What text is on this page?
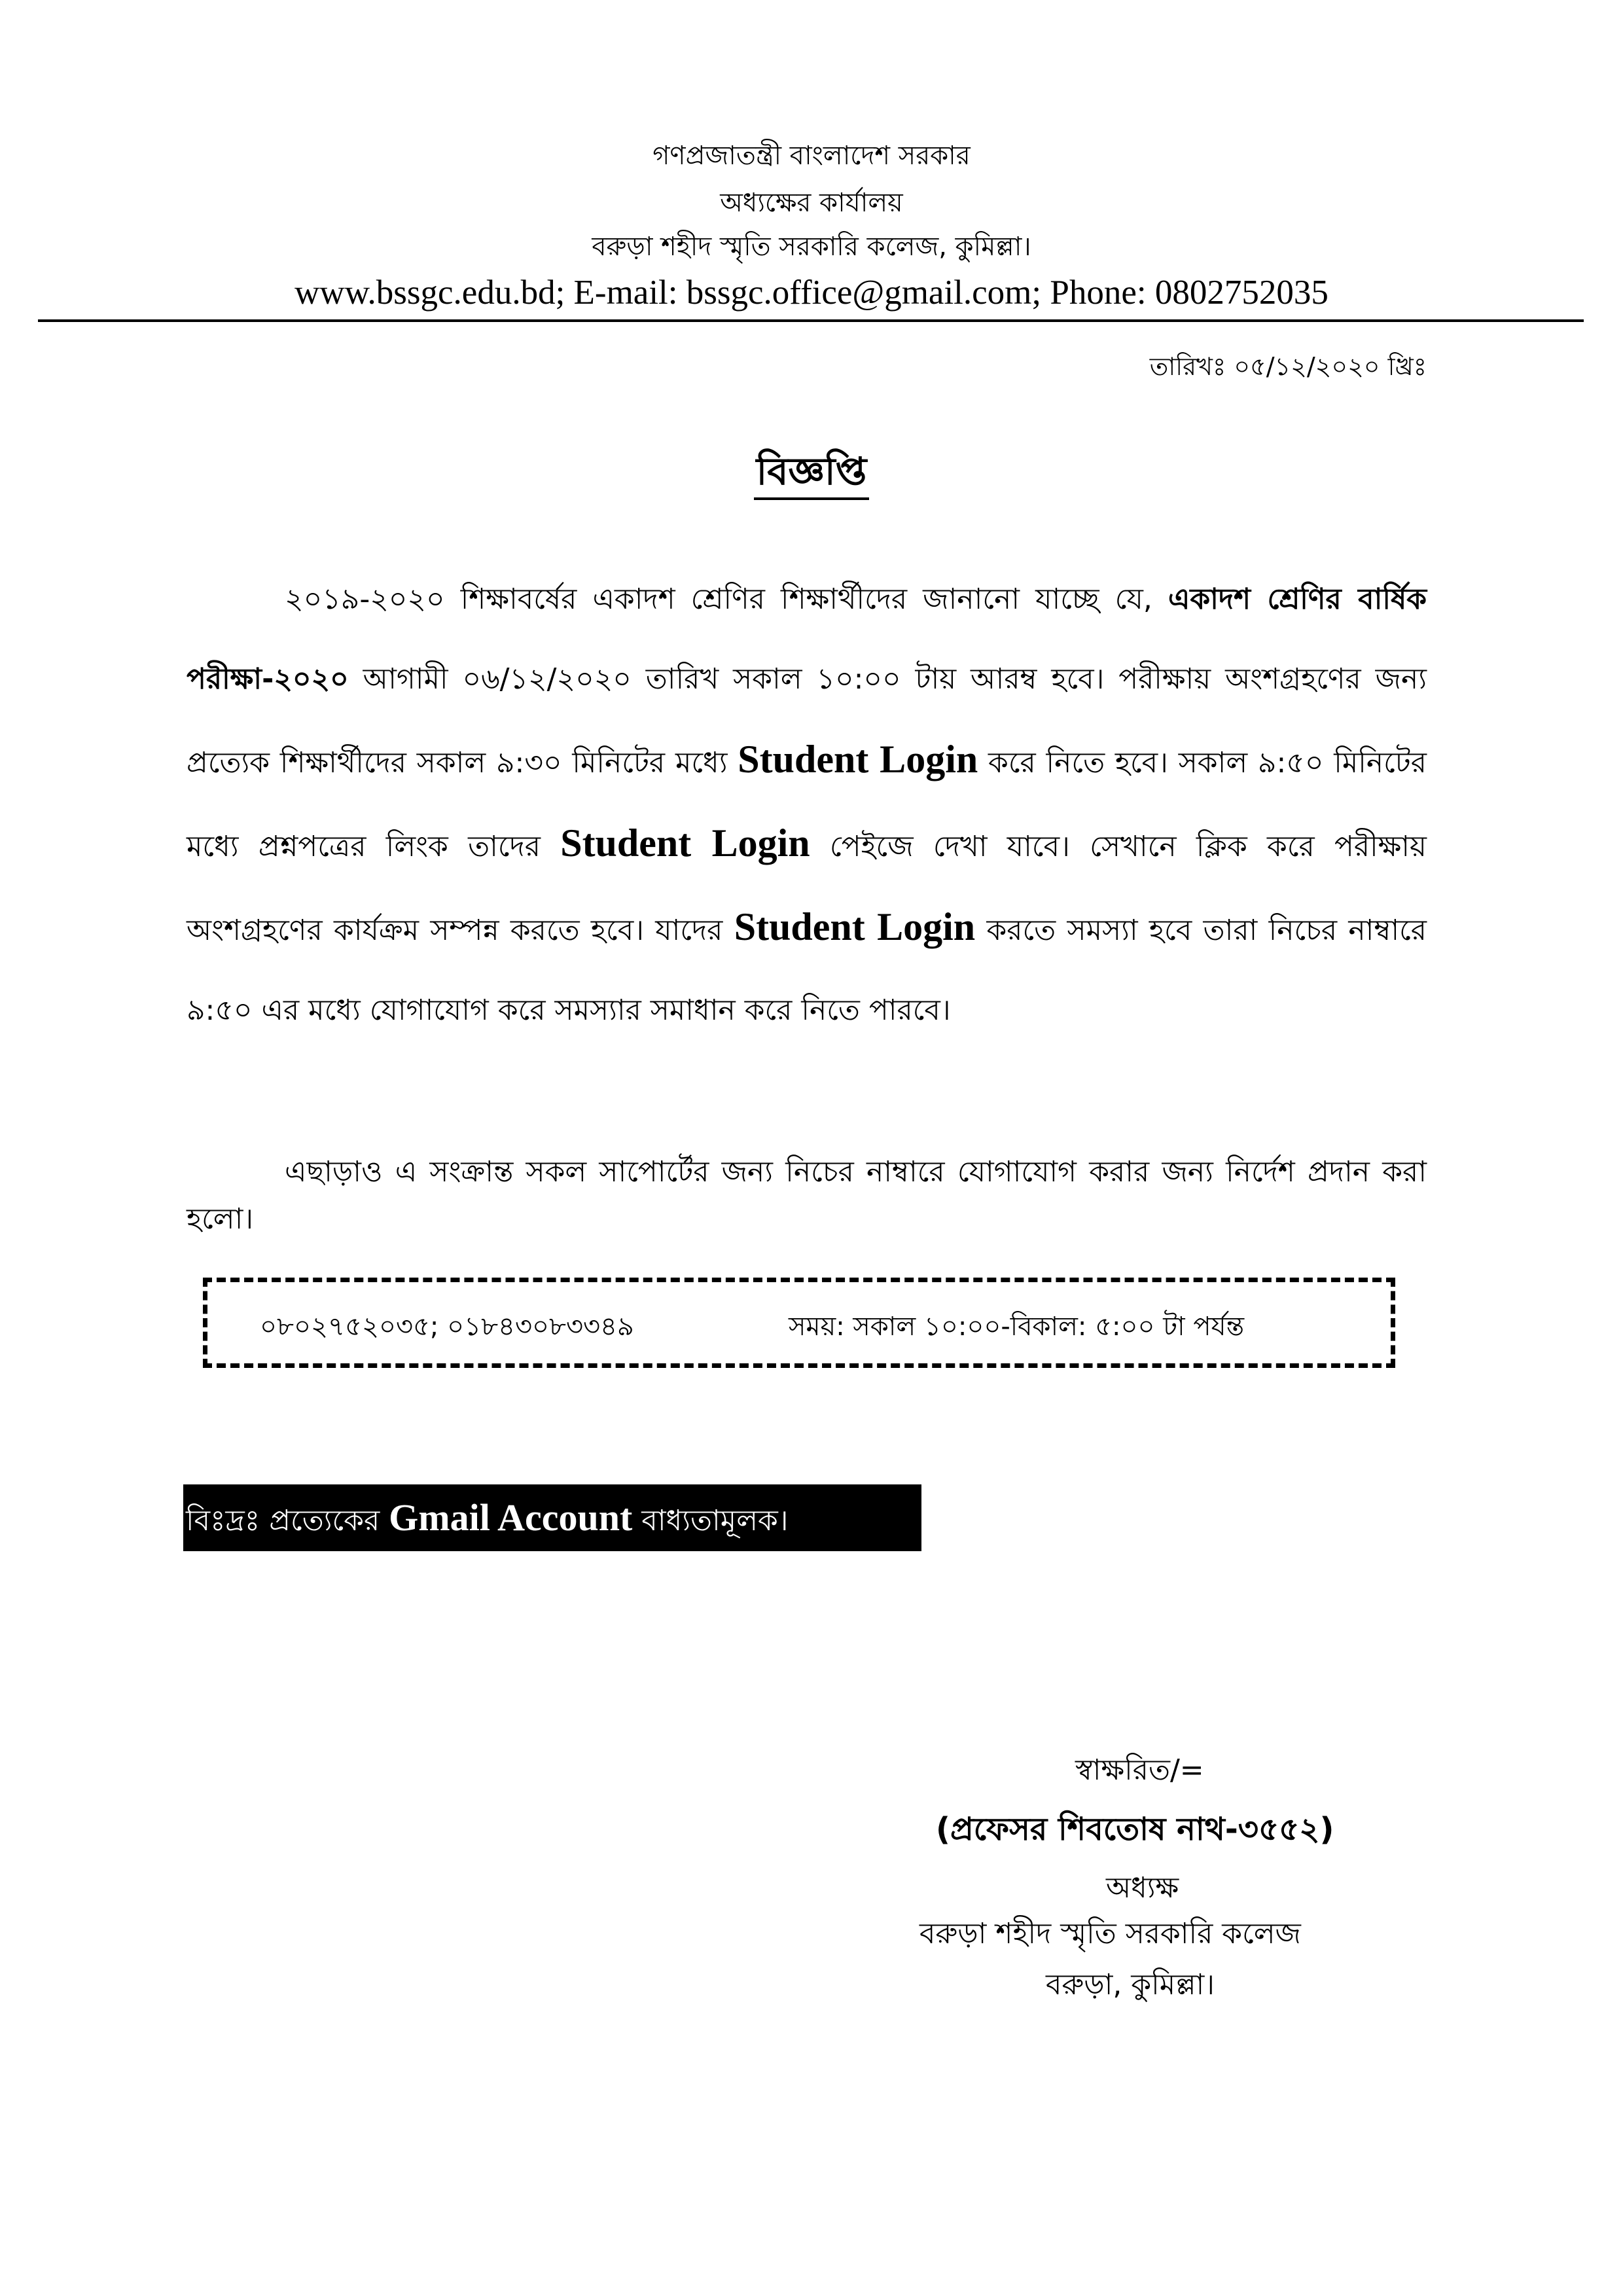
গণপ্রজাতন্ত্রী বাংলাদেশ সরকার
অধ্যক্ষের কার্যালয়
বরুড়া শহীদ স্মৃতি সরকারি কলেজ, কুমিল্লা।
www.bssgc.edu.bd; E-mail: bssgc.office@gmail.com; Phone: 0802752035
তারিখঃ ০৫/১২/২০২০ খ্রিঃ
বিজ্ঞপ্তি
২০১৯-২০২০ শিক্ষাবর্ষের একাদশ শ্রেণির শিক্ষার্থীদের জানানো যাচ্ছে যে, একাদশ শ্রেণির বার্ষিক পরীক্ষা-২০২০ আগামী ০৬/১২/২০২০ তারিখ সকাল ১০:০০ টায় আরম্ব হবে। পরীক্ষায় অংশগ্রহণের জন্য প্রত্যেক শিক্ষার্থীদের সকাল ৯:৩০ মিনিটের মধ্যে Student Login করে নিতে হবে। সকাল ৯:৫০ মিনিটের মধ্যে প্রশ্নপত্রের লিংক তাদের Student Login পেইজে দেখা যাবে। সেখানে ক্লিক করে পরীক্ষায় অংশগ্রহণের কার্যক্রম সম্পন্ন করতে হবে। যাদের Student Login করতে সমস্যা হবে তারা নিচের নাম্বারে ৯:৫০ এর মধ্যে যোগাযোগ করে সমস্যার সমাধান করে নিতে পারবে।
এছাড়াও এ সংক্রান্ত সকল সাপোর্টের জন্য নিচের নাম্বারে যোগাযোগ করার জন্য নির্দেশ প্রদান করা হলো।
০৮০২৭৫২০৩৫; ০১৮৪৩০৮৩৩৪৯	সময়: সকাল ১০:০০-বিকাল: ৫:০০ টা পর্যন্ত
বিঃদ্রঃ প্রত্যেকের Gmail Account বাধ্যতামূলক।
স্বাক্ষরিত/=
(প্রফেসর শিবতোষ নাথ-৩৫৫২)
অধ্যক্ষ
বরুড়া শহীদ স্মৃতি সরকারি কলেজ
বরুড়া, কুমিল্লা।
